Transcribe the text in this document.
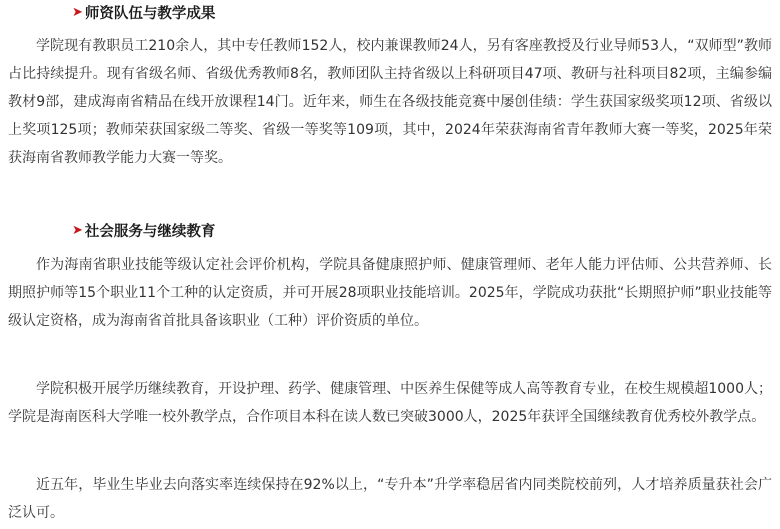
➤ 师资队伍与教学成果

学院现有教职员工210余人，其中专任教师152人，校内兼课教师24人，另有客座教授及行业导师53人，“双师型”教师占比持续提升。现有省级名师、省级优秀教师8名，教师团队主持省级以上科研项目47项、教研与社科项目82项，主编参编教材9部，建成海南省精品在线开放课程14门。近年来，师生在各级技能竞赛中屡创佳绩：学生获国家级奖项12项、省级以上奖项125项；教师荣获国家级二等奖、省级一等奖等109项，其中，2024年荣获海南省青年教师大赛一等奖，2025年荣获海南省教师教学能力大赛一等奖。

➤ 社会服务与继续教育

作为海南省职业技能等级认定社会评价机构，学院具备健康照护师、健康管理师、老年人能力评估师、公共营养师、长期照护师等15个职业11个工种的认定资质，并可开展28项职业技能培训。2025年，学院成功获批“长期照护师”职业技能等级认定资格，成为海南省首批具备该职业（工种）评价资质的单位。

学院积极开展学历继续教育，开设护理、药学、健康管理、中医养生保健等成人高等教育专业，在校生规模超1000人；学院是海南医科大学唯一校外教学点，合作项目本科在读人数已突破3000人，2025年获评全国继续教育优秀校外教学点。

近五年，毕业生毕业去向落实率连续保持在92%以上，“专升本”升学率稳居省内同类院校前列，人才培养质量获社会广泛认可。
